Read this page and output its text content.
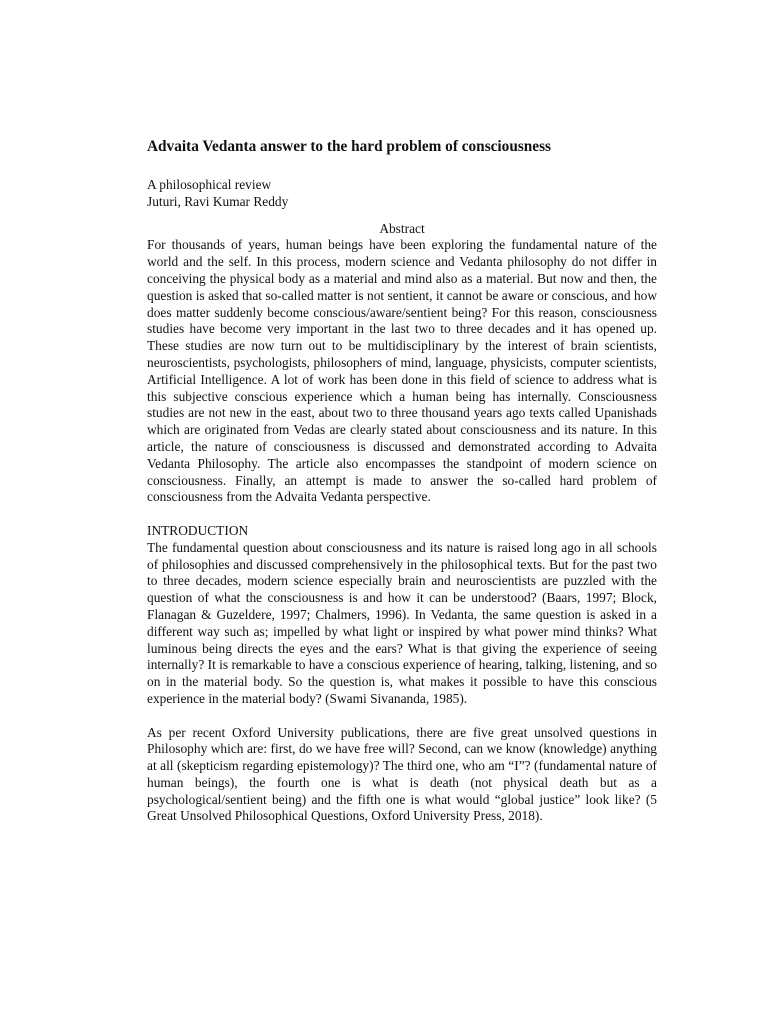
Advaita Vedanta answer to the hard problem of consciousness
A philosophical review
Juturi, Ravi Kumar Reddy
Abstract

For thousands of years, human beings have been exploring the fundamental nature of the world and the self. In this process, modern science and Vedanta philosophy do not differ in conceiving the physical body as a material and mind also as a material. But now and then, the question is asked that so-called matter is not sentient, it cannot be aware or conscious, and how does matter suddenly become conscious/aware/sentient being? For this reason, consciousness studies have become very important in the last two to three decades and it has opened up. These studies are now turn out to be multidisciplinary by the interest of brain scientists, neuroscientists, psychologists, philosophers of mind, language, physicists, computer scientists, Artificial Intelligence. A lot of work has been done in this field of science to address what is this subjective conscious experience which a human being has internally. Consciousness studies are not new in the east, about two to three thousand years ago texts called Upanishads which are originated from Vedas are clearly stated about consciousness and its nature. In this article, the nature of consciousness is discussed and demonstrated according to Advaita Vedanta Philosophy. The article also encompasses the standpoint of modern science on consciousness. Finally, an attempt is made to answer the so-called hard problem of consciousness from the Advaita Vedanta perspective.

INTRODUCTION

The fundamental question about consciousness and its nature is raised long ago in all schools of philosophies and discussed comprehensively in the philosophical texts. But for the past two to three decades, modern science especially brain and neuroscientists are puzzled with the question of what the consciousness is and how it can be understood? (Baars, 1997; Block, Flanagan & Guzeldere, 1997; Chalmers, 1996). In Vedanta, the same question is asked in a different way such as; impelled by what light or inspired by what power mind thinks? What luminous being directs the eyes and the ears? What is that giving the experience of seeing internally? It is remarkable to have a conscious experience of hearing, talking, listening, and so on in the material body. So the question is, what makes it possible to have this conscious experience in the material body? (Swami Sivananda, 1985).

As per recent Oxford University publications, there are five great unsolved questions in Philosophy which are: first, do we have free will? Second, can we know (knowledge) anything at all (skepticism regarding epistemology)? The third one, who am “I”? (fundamental nature of human beings), the fourth one is what is death (not physical death but as a psychological/sentient being) and the fifth one is what would “global justice” look like? (5 Great Unsolved Philosophical Questions, Oxford University Press, 2018).
